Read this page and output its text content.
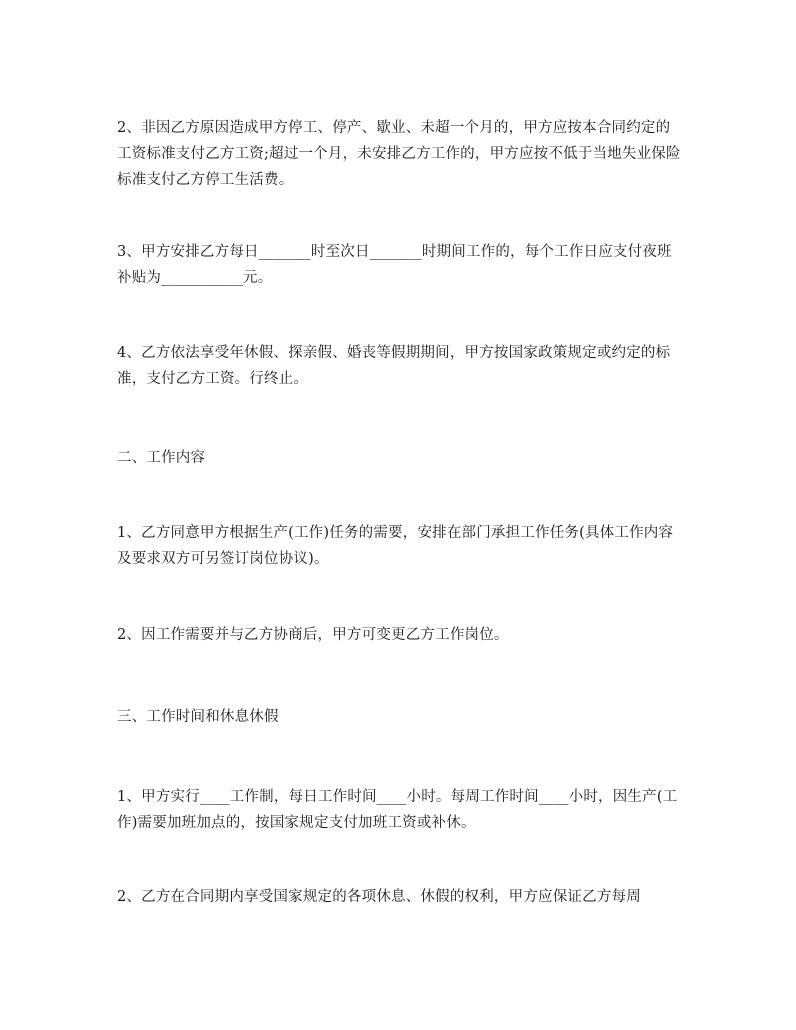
2、非因乙方原因造成甲方停工、停产、歇业、未超一个月的，甲方应按本合同约定的工资标准支付乙方工资;超过一个月，未安排乙方工作的，甲方应按不低于当地失业保险标准支付乙方停工生活费。

3、甲方安排乙方每日_______时至次日_______时期间工作的，每个工作日应支付夜班补贴为___________元。

4、乙方依法享受年休假、探亲假、婚丧等假期期间，甲方按国家政策规定或约定的标准，支付乙方工资。行终止。

二、工作内容

1、乙方同意甲方根据生产(工作)任务的需要，安排在部门承担工作任务(具体工作内容及要求双方可另签订岗位协议)。

2、因工作需要并与乙方协商后，甲方可变更乙方工作岗位。

三、工作时间和休息休假

1、甲方实行____工作制，每日工作时间____小时。每周工作时间____小时，因生产(工作)需要加班加点的，按国家规定支付加班工资或补休。

2、乙方在合同期内享受国家规定的各项休息、休假的权利，甲方应保证乙方每周
